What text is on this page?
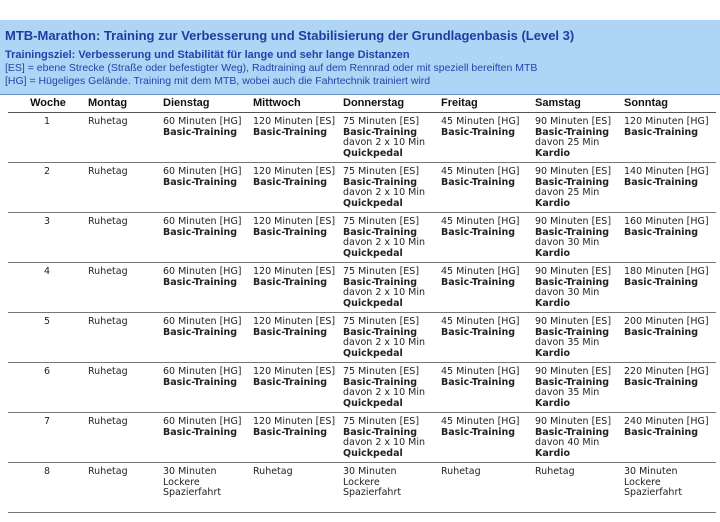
MTB-Marathon: Training zur Verbesserung und Stabilisierung der Grundlagenbasis (Level 3)
Trainingsziel: Verbesserung und Stabilität für lange und sehr lange Distanzen
[ES] = ebene Strecke (Straße oder befestigter Weg), Radtraining auf dem Rennrad oder mit speziell bereiften MTB
[HG] = Hügeliges Gelände. Training mit dem MTB, wobei auch die Fahrtechnik trainiert wird
Woche	Montag	Dienstag	Mittwoch	Donnerstag	Freitag	Samstag	Sonntag
1	Ruhetag	60 Minuten [HG]
Basic-Training	120 Minuten [ES]
Basic-Training	75 Minuten [ES]
Basic-Training
davon 2 x 10 Min
Quickpedal	45 Minuten [HG]
Basic-Training	90 Minuten [ES]
Basic-Training
davon 25 Min
Kardio	120 Minuten [HG]
Basic-Training

2	Ruhetag	60 Minuten [HG]
Basic-Training	120 Minuten [ES]
Basic-Training	75 Minuten [ES]
Basic-Training
davon 2 x 10 Min
Quickpedal	45 Minuten [HG]
Basic-Training	90 Minuten [ES]
Basic-Training
davon 25 Min
Kardio	140 Minuten [HG]
Basic-Training

3	Ruhetag	60 Minuten [HG]
Basic-Training	120 Minuten [ES]
Basic-Training	75 Minuten [ES]
Basic-Training
davon 2 x 10 Min
Quickpedal	45 Minuten [HG]
Basic-Training	90 Minuten [ES]
Basic-Training
davon 30 Min
Kardio	160 Minuten [HG]
Basic-Training

4	Ruhetag	60 Minuten [HG]
Basic-Training	120 Minuten [ES]
Basic-Training	75 Minuten [ES]
Basic-Training
davon 2 x 10 Min
Quickpedal	45 Minuten [HG]
Basic-Training	90 Minuten [ES]
Basic-Training
davon 30 Min
Kardio	180 Minuten [HG]
Basic-Training

5	Ruhetag	60 Minuten [HG]
Basic-Training	120 Minuten [ES]
Basic-Training	75 Minuten [ES]
Basic-Training
davon 2 x 10 Min
Quickpedal	45 Minuten [HG]
Basic-Training	90 Minuten [ES]
Basic-Training
davon 35 Min
Kardio	200 Minuten [HG]
Basic-Training

6	Ruhetag	60 Minuten [HG]
Basic-Training	120 Minuten [ES]
Basic-Training	75 Minuten [ES]
Basic-Training
davon 2 x 10 Min
Quickpedal	45 Minuten [HG]
Basic-Training	90 Minuten [ES]
Basic-Training
davon 35 Min
Kardio	220 Minuten [HG]
Basic-Training

7	Ruhetag	60 Minuten [HG]
Basic-Training	120 Minuten [ES]
Basic-Training	75 Minuten [ES]
Basic-Training
davon 2 x 10 Min
Quickpedal	45 Minuten [HG]
Basic-Training	90 Minuten [ES]
Basic-Training
davon 40 Min
Kardio	240 Minuten [HG]
Basic-Training

8	Ruhetag	30 Minuten
Lockere
Spazierfahrt	Ruhetag	30 Minuten
Lockere
Spazierfahrt	Ruhetag	Ruhetag	30 Minuten
Lockere
Spazierfahrt
